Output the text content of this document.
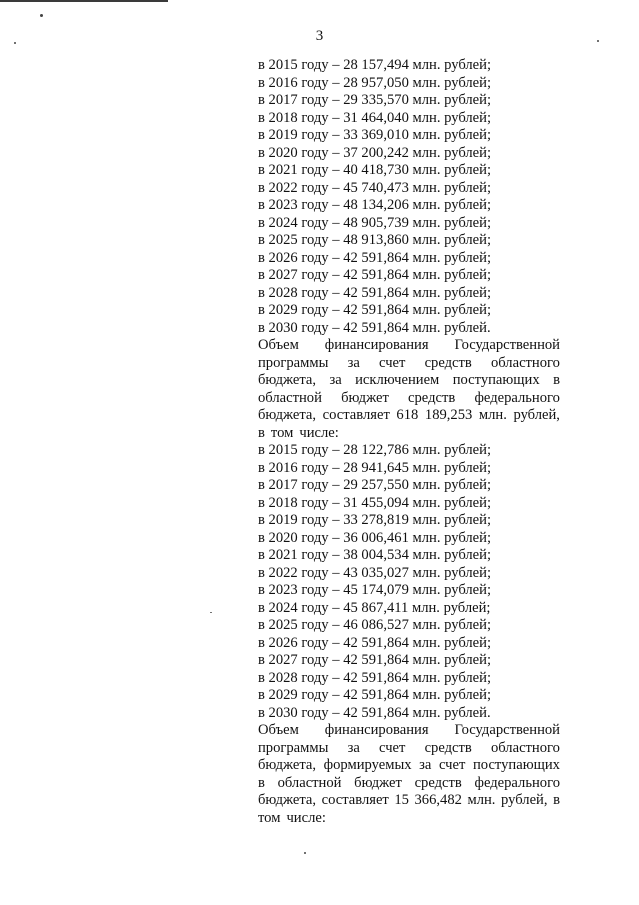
3
в 2015 году – 28 157,494 млн. рублей;
в 2016 году – 28 957,050 млн. рублей;
в 2017 году – 29 335,570 млн. рублей;
в 2018 году – 31 464,040 млн. рублей;
в 2019 году – 33 369,010 млн. рублей;
в 2020 году – 37 200,242 млн. рублей;
в 2021 году – 40 418,730 млн. рублей;
в 2022 году – 45 740,473 млн. рублей;
в 2023 году – 48 134,206 млн. рублей;
в 2024 году – 48 905,739 млн. рублей;
в 2025 году – 48 913,860 млн. рублей;
в 2026 году – 42 591,864 млн. рублей;
в 2027 году – 42 591,864 млн. рублей;
в 2028 году – 42 591,864 млн. рублей;
в 2029 году – 42 591,864 млн. рублей;
в 2030 году – 42 591,864 млн. рублей.
Объем финансирования Государственной
программы за счет средств областного
бюджета, за исключением поступающих в
областной бюджет средств федерального
бюджета, составляет 618 189,253 млн. рублей,
в том числе:
в 2015 году – 28 122,786 млн. рублей;
в 2016 году – 28 941,645 млн. рублей;
в 2017 году – 29 257,550 млн. рублей;
в 2018 году – 31 455,094 млн. рублей;
в 2019 году – 33 278,819 млн. рублей;
в 2020 году – 36 006,461 млн. рублей;
в 2021 году – 38 004,534 млн. рублей;
в 2022 году – 43 035,027 млн. рублей;
в 2023 году – 45 174,079 млн. рублей;
в 2024 году – 45 867,411 млн. рублей;
в 2025 году – 46 086,527 млн. рублей;
в 2026 году – 42 591,864 млн. рублей;
в 2027 году – 42 591,864 млн. рублей;
в 2028 году – 42 591,864 млн. рублей;
в 2029 году – 42 591,864 млн. рублей;
в 2030 году – 42 591,864 млн. рублей.
Объем финансирования Государственной
программы за счет средств областного
бюджета, формируемых за счет поступающих
в областной бюджет средств федерального
бюджета, составляет 15 366,482 млн. рублей, в
том числе:
